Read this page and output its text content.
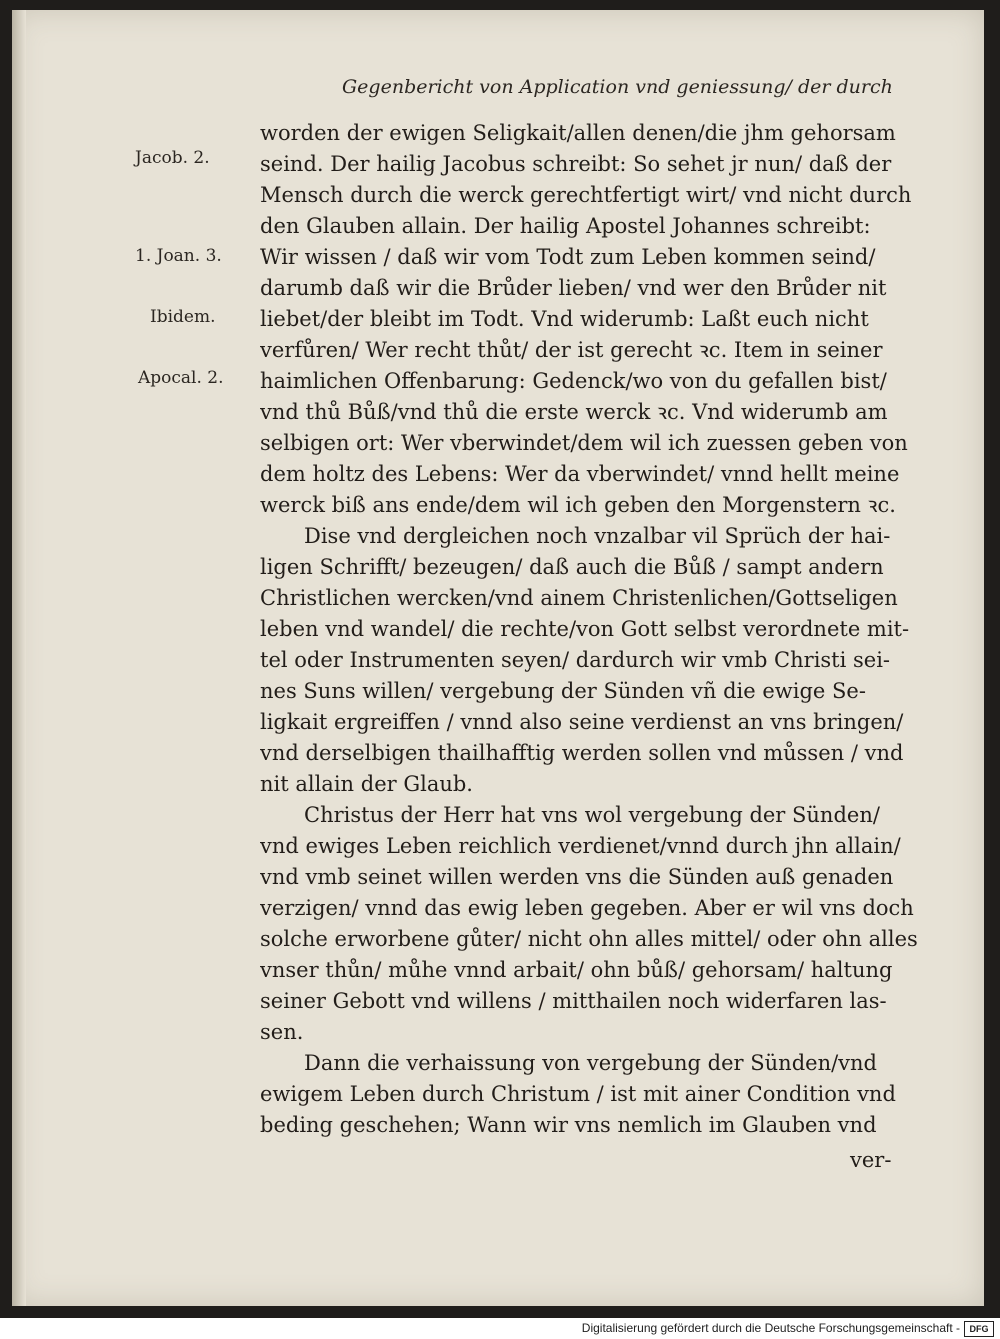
Gegenbericht von Application vnd geniessung/ der durch
Jacob. 2.
1. Joan. 3.
Ibidem.
Apocal. 2.
worden der ewigen Seligkait/allen denen/die jhm gehorsam
seind. Der hailig Jacobus schreibt: So sehet jr nun/ daß der
Mensch durch die werck gerechtfertigt wirt/ vnd nicht durch
den Glauben allain. Der hailig Apostel Johannes schreibt:
Wir wissen / daß wir vom Todt zum Leben kommen seind/
darumb daß wir die Brůder lieben/ vnd wer den Brůder nit
liebet/der bleibt im Todt. Vnd widerumb: Laßt euch nicht
verfůren/ Wer recht thůt/ der ist gerecht ꝛc. Item in seiner
haimlichen Offenbarung: Gedenck/wo von du gefallen bist/
vnd thů Bůß/vnd thů die erste werck ꝛc. Vnd widerumb am
selbigen ort: Wer vberwindet/dem wil ich zuessen geben von
dem holtz des Lebens: Wer da vberwindet/ vnnd hellt meine
werck biß ans ende/dem wil ich geben den Morgenstern ꝛc.
Dise vnd dergleichen noch vnzalbar vil Sprüch der hai-
ligen Schrifft/ bezeugen/ daß auch die Bůß / sampt andern
Christlichen wercken/vnd ainem Christenlichen/Gottseligen
leben vnd wandel/ die rechte/von Gott selbst verordnete mit-
tel oder Instrumenten seyen/ dardurch wir vmb Christi sei-
nes Suns willen/ vergebung der Sünden vñ die ewige Se-
ligkait ergreiffen / vnnd also seine verdienst an vns bringen/
vnd derselbigen thailhafftig werden sollen vnd můssen / vnd
nit allain der Glaub.
Christus der Herr hat vns wol vergebung der Sünden/
vnd ewiges Leben reichlich verdienet/vnnd durch jhn allain/
vnd vmb seinet willen werden vns die Sünden auß genaden
verzigen/ vnnd das ewig leben gegeben. Aber er wil vns doch
solche erworbene gůter/ nicht ohn alles mittel/ oder ohn alles
vnser thůn/ můhe vnnd arbait/ ohn bůß/ gehorsam/ haltung
seiner Gebott vnd willens / mitthailen noch widerfaren las-
sen.
Dann die verhaissung von vergebung der Sünden/vnd
ewigem Leben durch Christum / ist mit ainer Condition vnd
beding geschehen; Wann wir vns nemlich im Glauben vnd
ver-
Digitalisierung gefördert durch die Deutsche Forschungsgemeinschaft -	DFG
